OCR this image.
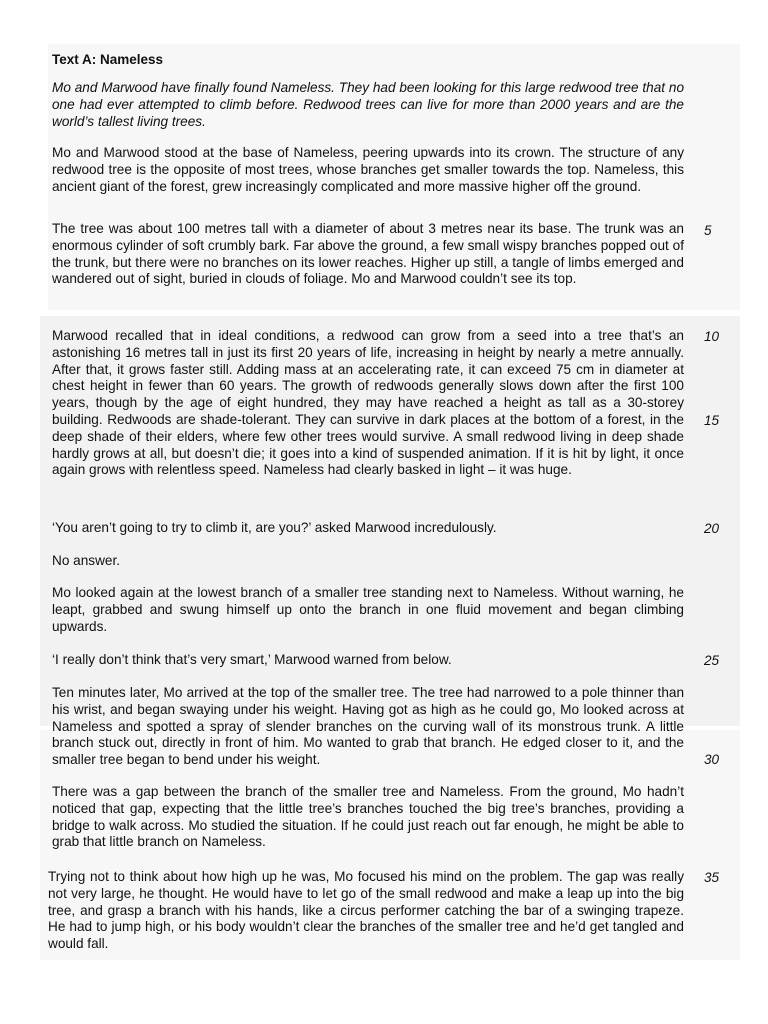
Text A: Nameless
Mo and Marwood have finally found Nameless. They had been looking for this large redwood tree that no one had ever attempted to climb before. Redwood trees can live for more than 2000 years and are the world’s tallest living trees.
Mo and Marwood stood at the base of Nameless, peering upwards into its crown. The structure of any redwood tree is the opposite of most trees, whose branches get smaller towards the top. Nameless, this ancient giant of the forest, grew increasingly complicated and more massive higher off the ground.
The tree was about 100 metres tall with a diameter of about 3 metres near its base. The trunk was an enormous cylinder of soft crumbly bark. Far above the ground, a few small wispy branches popped out of the trunk, but there were no branches on its lower reaches. Higher up still, a tangle of limbs emerged and wandered out of sight, buried in clouds of foliage. Mo and Marwood couldn’t see its top.
Marwood recalled that in ideal conditions, a redwood can grow from a seed into a tree that’s an astonishing 16 metres tall in just its first 20 years of life, increasing in height by nearly a metre annually. After that, it grows faster still. Adding mass at an accelerating rate, it can exceed 75 cm in diameter at chest height in fewer than 60 years. The growth of redwoods generally slows down after the first 100 years, though by the age of eight hundred, they may have reached a height as tall as a 30-storey building. Redwoods are shade-tolerant. They can survive in dark places at the bottom of a forest, in the deep shade of their elders, where few other trees would survive. A small redwood living in deep shade hardly grows at all, but doesn’t die; it goes into a kind of suspended animation. If it is hit by light, it once again grows with relentless speed. Nameless had clearly basked in light – it was huge.
‘You aren’t going to try to climb it, are you?’ asked Marwood incredulously.
No answer.
Mo looked again at the lowest branch of a smaller tree standing next to Nameless. Without warning, he leapt, grabbed and swung himself up onto the branch in one fluid movement and began climbing upwards.
‘I really don’t think that’s very smart,’ Marwood warned from below.
Ten minutes later, Mo arrived at the top of the smaller tree. The tree had narrowed to a pole thinner than his wrist, and began swaying under his weight. Having got as high as he could go, Mo looked across at Nameless and spotted a spray of slender branches on the curving wall of its monstrous trunk. A little branch stuck out, directly in front of him. Mo wanted to grab that branch. He edged closer to it, and the smaller tree began to bend under his weight.
There was a gap between the branch of the smaller tree and Nameless. From the ground, Mo hadn’t noticed that gap, expecting that the little tree’s branches touched the big tree’s branches, providing a bridge to walk across. Mo studied the situation. If he could just reach out far enough, he might be able to grab that little branch on Nameless.
Trying not to think about how high up he was, Mo focused his mind on the problem. The gap was really not very large, he thought. He would have to let go of the small redwood and make a leap up into the big tree, and grasp a branch with his hands, like a circus performer catching the bar of a swinging trapeze. He had to jump high, or his body wouldn’t clear the branches of the smaller tree and he’d get tangled and would fall.
5
10
15
20
25
30
35
